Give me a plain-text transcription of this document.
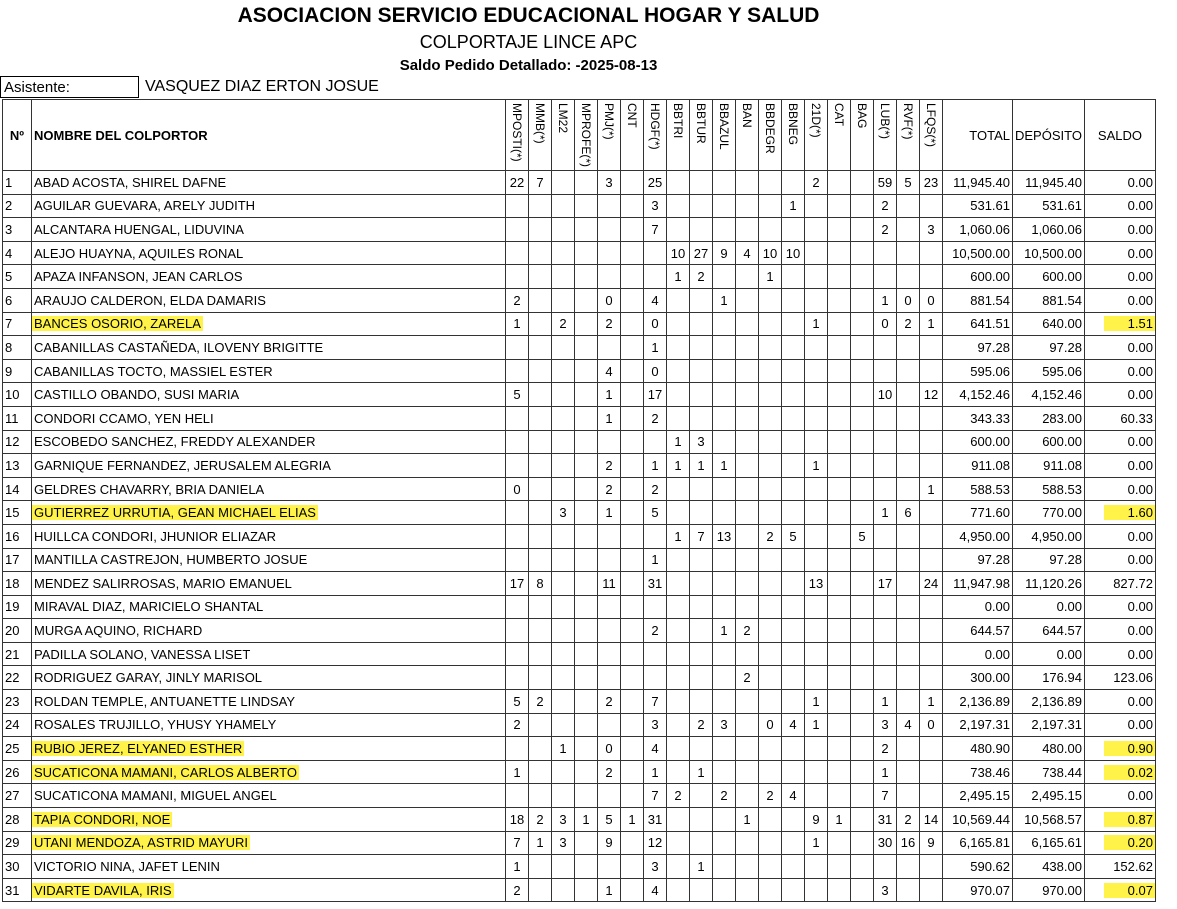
ASOCIACION SERVICIO EDUCACIONAL HOGAR Y SALUD
COLPORTAJE LINCE APC
Saldo Pedido Detallado: -2025-08-13
Asistente:	VASQUEZ DIAZ ERTON JOSUE
Nº	NOMBRE DEL COLPORTOR	MPOSTI(*)	MMB(*)	LM22	MPROFE(*)	PMJ(*)	CNT	HDGF(*)	BBTRI	BBTUR	BBAZUL	BAN	BBDEGR	BBNEG	21D(*)	CAT	BAG	LUB(*)	RVF(*)	LFQS(*)	TOTAL	DEPÓSITO	SALDO
1	ABAD ACOSTA, SHIREL DAFNE	22	7			3		25							2			59	5	23	11,945.40	11,945.40	0.00
2	AGUILAR GUEVARA, ARELY JUDITH							3						1				2			531.61	531.61	0.00
3	ALCANTARA HUENGAL, LIDUVINA							7										2		3	1,060.06	1,060.06	0.00
4	ALEJO HUAYNA, AQUILES RONAL								10	27	9	4	10	10							10,500.00	10,500.00	0.00
5	APAZA INFANSON, JEAN CARLOS								1	2			1								600.00	600.00	0.00
6	ARAUJO CALDERON, ELDA DAMARIS	2				0		4			1							1	0	0	881.54	881.54	0.00
7	BANCES OSORIO, ZARELA	1		2		2		0							1			0	2	1	641.51	640.00	1.51
8	CABANILLAS CASTAÑEDA, ILOVENY BRIGITTE							1													97.28	97.28	0.00
9	CABANILLAS TOCTO, MASSIEL ESTER					4		0													595.06	595.06	0.00
10	CASTILLO OBANDO, SUSI MARIA	5				1		17										10		12	4,152.46	4,152.46	0.00
11	CONDORI CCAMO, YEN HELI					1		2													343.33	283.00	60.33
12	ESCOBEDO SANCHEZ, FREDDY ALEXANDER								1	3											600.00	600.00	0.00
13	GARNIQUE FERNANDEZ, JERUSALEM ALEGRIA					2		1	1	1	1				1						911.08	911.08	0.00
14	GELDRES CHAVARRY, BRIA DANIELA	0				2		2												1	588.53	588.53	0.00
15	GUTIERREZ URRUTIA, GEAN MICHAEL ELIAS			3		1		5										1	6		771.60	770.00	1.60
16	HUILLCA CONDORI, JHUNIOR ELIAZAR								1	7	13		2	5			5				4,950.00	4,950.00	0.00
17	MANTILLA CASTREJON, HUMBERTO JOSUE							1													97.28	97.28	0.00
18	MENDEZ SALIRROSAS, MARIO EMANUEL	17	8			11		31							13			17		24	11,947.98	11,120.26	827.72
19	MIRAVAL DIAZ, MARICIELO SHANTAL																				0.00	0.00	0.00
20	MURGA AQUINO, RICHARD							2			1	2									644.57	644.57	0.00
21	PADILLA SOLANO, VANESSA LISET																				0.00	0.00	0.00
22	RODRIGUEZ GARAY, JINLY MARISOL											2									300.00	176.94	123.06
23	ROLDAN TEMPLE, ANTUANETTE LINDSAY	5	2			2		7							1			1		1	2,136.89	2,136.89	0.00
24	ROSALES TRUJILLO, YHUSY YHAMELY	2						3		2	3		0	4	1			3	4	0	2,197.31	2,197.31	0.00
25	RUBIO JEREZ, ELYANED ESTHER			1		0		4										2			480.90	480.00	0.90
26	SUCATICONA MAMANI, CARLOS ALBERTO	1				2		1		1								1			738.46	738.44	0.02
27	SUCATICONA MAMANI, MIGUEL ANGEL							7	2		2		2	4				7			2,495.15	2,495.15	0.00
28	TAPIA CONDORI, NOE	18	2	3	1	5	1	31				1			9	1		31	2	14	10,569.44	10,568.57	0.87
29	UTANI MENDOZA, ASTRID MAYURI	7	1	3		9		12							1			30	16	9	6,165.81	6,165.61	0.20
30	VICTORIO NINA, JAFET LENIN	1						3		1											590.62	438.00	152.62
31	VIDARTE DAVILA, IRIS	2				1		4										3			970.07	970.00	0.07
